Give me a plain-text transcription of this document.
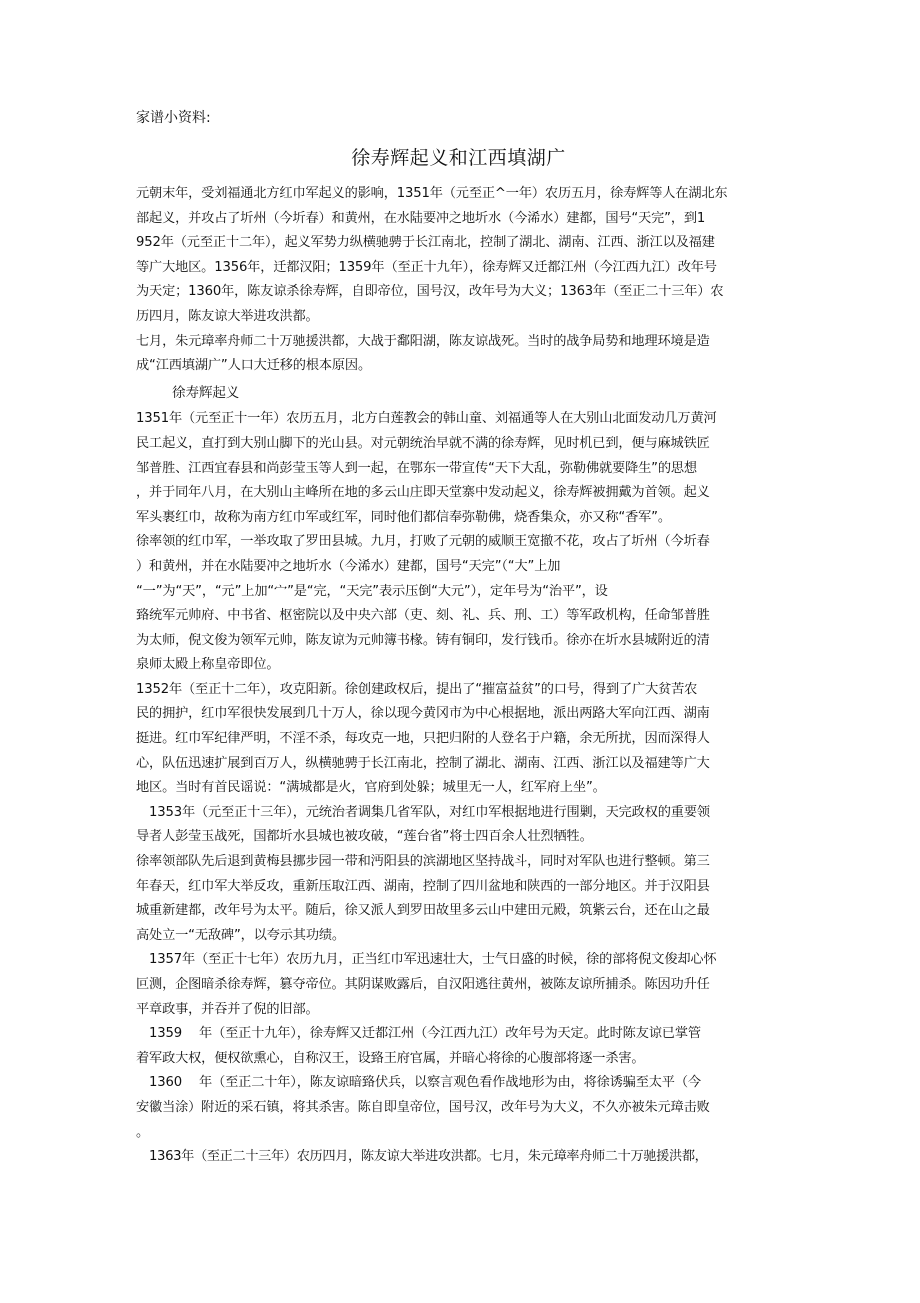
家谱小资料:
徐寿辉起义和江西填湖广
元朝末年，受刘福通北方红巾军起义的影响，1351年（元至正^一年）农历五月，徐寿辉等人在湖北东
部起义，并攻占了圻州（今圻春）和黄州，在水陆要冲之地圻水（今浠水）建都，国号“天完”，到1
952年（元至正十二年），起义军势力纵横驰骋于长江南北，控制了湖北、湖南、江西、浙江以及福建
等广大地区。1356年，迁都汉阳；1359年（至正十九年），徐寿辉又迁都江州（今江西九江）改年号
为天定；1360年，陈友谅杀徐寿辉，自即帝位，国号汉，改年号为大义；1363年（至正二十三年）农
历四月，陈友谅大举进攻洪都。
七月，朱元璋率舟师二十万驰援洪都，大战于鄱阳湖，陈友谅战死。当时的战争局势和地理环境是造
成“江西填湖广”人口大迁移的根本原因。
徐寿辉起义
1351年（元至正十一年）农历五月，北方白莲教会的韩山童、刘福通等人在大别山北面发动几万黄河
民工起义，直打到大别山脚下的光山县。对元朝统治早就不满的徐寿辉，见时机已到，便与麻城铁匠
邹普胜、江西宜春县和尚彭莹玉等人到一起，在鄂东一带宣传“天下大乱，弥勒佛就要降生”的思想
，并于同年八月，在大别山主峰所在地的多云山庄即天堂寨中发动起义，徐寿辉被拥戴为首领。起义
军头裹红巾，故称为南方红巾军或红军，同时他们都信奉弥勒佛，烧香集众，亦又称“香军”。
徐率领的红巾军，一举攻取了罗田县城。九月，打败了元朝的威顺王宽撤不花，攻占了圻州（今圻春
）和黄州，并在水陆要冲之地圻水（今浠水）建都，国号“天完”（“大”上加
“一”为“天”，“元”上加“宀”是“完，“天完”表示压倒“大元”），定年号为“治平”，设
臵统军元帅府、中书省、枢密院以及中央六部（吏、刻、礼、兵、刑、工）等军政机构，任命邹普胜
为太师，倪文俊为领军元帅，陈友谅为元帅簿书椽。铸有铜印，发行钱币。徐亦在圻水县城附近的清
泉师太殿上称皇帝即位。
1352年（至正十二年），攻克阳新。徐创建政权后，提出了“摧富益贫”的口号，得到了广大贫苦农
民的拥护，红巾军很快发展到几十万人，徐以现今黄冈市为中心根据地，派出两路大军向江西、湖南
挺进。红巾军纪律严明，不淫不杀，每攻克一地，只把归附的人登名于户籍，余无所扰，因而深得人
心，队伍迅速扩展到百万人，纵横驰骋于长江南北，控制了湖北、湖南、江西、浙江以及福建等广大
地区。当时有首民谣说：“满城都是火，官府到处躲；城里无一人，红军府上坐”。
1353年（元至正十三年），元统治者调集几省军队，对红巾军根据地进行围剿，天完政权的重要领
导者人彭莹玉战死，国都圻水县城也被攻破，“莲台省”将士四百余人壮烈牺牲。
徐率领部队先后退到黄梅县挪步园一带和沔阳县的滨湖地区坚持战斗，同时对军队也进行整顿。第三
年春天，红巾军大举反攻，重新压取江西、湖南，控制了四川盆地和陕西的一部分地区。并于汉阳县
城重新建都，改年号为太平。随后，徐又派人到罗田故里多云山中建田元殿，筑紫云台，还在山之最
高处立一“无敌碑”，以夸示其功绩。
1357年（至正十七年）农历九月，正当红巾军迅速壮大，士气日盛的时候，徐的部将倪文俊却心怀
叵测，企图暗杀徐寿辉，篡夺帝位。其阴谋败露后，自汉阳逃往黄州，被陈友谅所捕杀。陈因功升任
平章政事，并吞并了倪的旧部。
1359　 年（至正十九年），徐寿辉又迁都江州（今江西九江）改年号为天定。此时陈友谅已掌管
着军政大权，便权欲熏心，自称汉王，设臵王府官属，并暗心将徐的心腹部将逐一杀害。
1360　 年（至正二十年），陈友谅暗臵伏兵，以察言观色看作战地形为由，将徐诱骗至太平（今
安徽当涂）附近的采石镇，将其杀害。陈自即皇帝位，国号汉，改年号为大义，不久亦被朱元璋击败
。
1363年（至正二十三年）农历四月，陈友谅大举进攻洪都。七月，朱元璋率舟师二十万驰援洪都，
